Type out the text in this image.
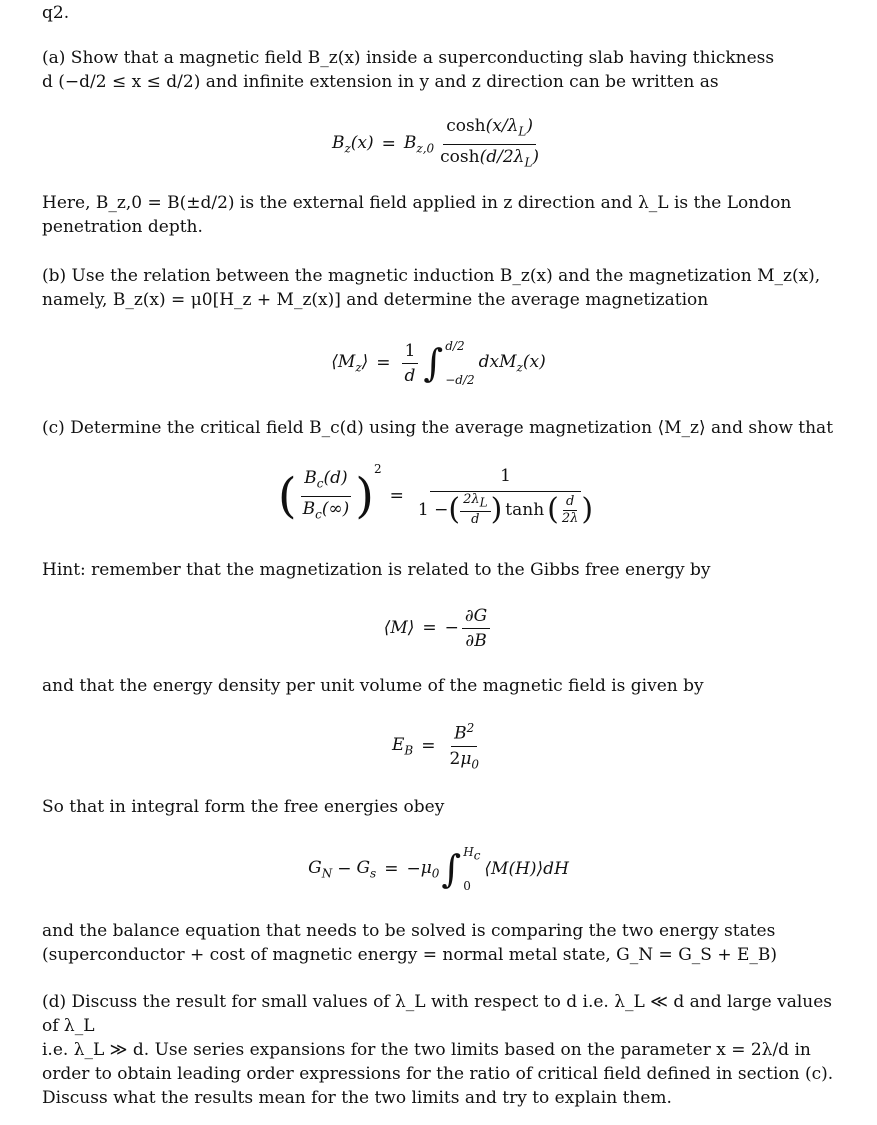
q2.
(a) Show that a magnetic field B_z(x) inside a superconducting slab having thickness
d (−d/2 ≤ x ≤ d/2) and infinite extension in y and z direction can be written as
$B_z(x) = B_{z,0} \frac{\cosh(x/\lambda_L)}{\cosh(d/2\lambda_L)}$
Here, B_z,0 = B(±d/2) is the external field applied in z direction and λ_L is the London
penetration depth.
(b) Use the relation between the magnetic induction B_z(x) and the magnetization M_z(x),
namely, B_z(x) = μ0[H_z + M_z(x)] and determine the average magnetization
$⟨M_z⟩ = \frac{1}{d}$ ∫ d/2
−d/2
dxM$_z$(x)
(c) Determine the critical field B_c(d) using the average magnetization ⟨M_z⟩ and show that
( $\frac{B_c(d)}{B_c(\infty)} )^2$
=
1
1 − ( $\frac{2\lambda_L}{d}$ ) tanh ( $\frac{d}{2\lambda}$ )
Hint: remember that the magnetization is related to the Gibbs free energy by
⟨M⟩ = − $\frac{\partial G}{\partial B}$
and that the energy density per unit volume of the magnetic field is given by
$E_B = \frac{B^2}{2\mu_0}$
So that in integral form the free energies obey
$G_N - G_s$ = − $\mu_0$ ∫ $H_c$
0
⟨M(H)⟩dH
and the balance equation that needs to be solved is comparing the two energy states
(superconductor + cost of magnetic energy = normal metal state, G_N = G_S + E_B)
(d) Discuss the result for small values of λ_L with respect to d i.e. λ_L ≪ d and large values of λ_L
i.e. λ_L ≫ d. Use series expansions for the two limits based on the parameter x = 2λ/d in
order to obtain leading order expressions for the ratio of critical field defined in section (c).
Discuss what the results mean for the two limits and try to explain them.
